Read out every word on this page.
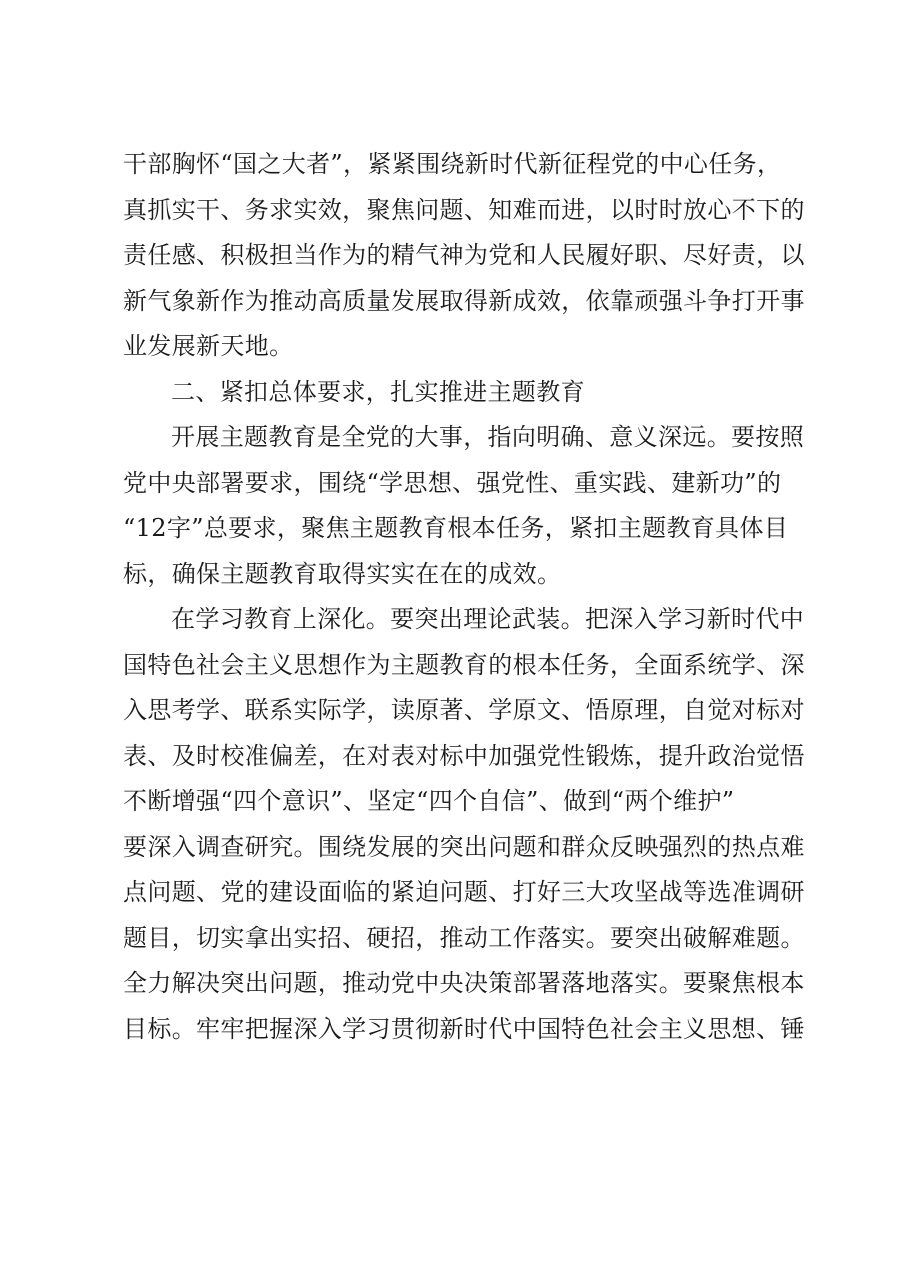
干部胸怀“国之大者”，紧紧围绕新时代新征程党的中心任务，
真抓实干、务求实效，聚焦问题、知难而进，以时时放心不下的
责任感、积极担当作为的精气神为党和人民履好职、尽好责，以
新气象新作为推动高质量发展取得新成效，依靠顽强斗争打开事
业发展新天地。
二、紧扣总体要求，扎实推进主题教育
开展主题教育是全党的大事，指向明确、意义深远。要按照
党中央部署要求，围绕“学思想、强党性、重实践、建新功”的
“12字”总要求，聚焦主题教育根本任务，紧扣主题教育具体目
标，确保主题教育取得实实在在的成效。
在学习教育上深化。要突出理论武装。把深入学习新时代中
国特色社会主义思想作为主题教育的根本任务，全面系统学、深
入思考学、联系实际学，读原著、学原文、悟原理，自觉对标对
表、及时校准偏差，在对表对标中加强党性锻炼，提升政治觉悟
不断增强“四个意识”、坚定“四个自信”、做到“两个维护”
要深入调查研究。围绕发展的突出问题和群众反映强烈的热点难
点问题、党的建设面临的紧迫问题、打好三大攻坚战等选准调研
题目，切实拿出实招、硬招，推动工作落实。要突出破解难题。
全力解决突出问题，推动党中央决策部署落地落实。要聚焦根本
目标。牢牢把握深入学习贯彻新时代中国特色社会主义思想、锤
